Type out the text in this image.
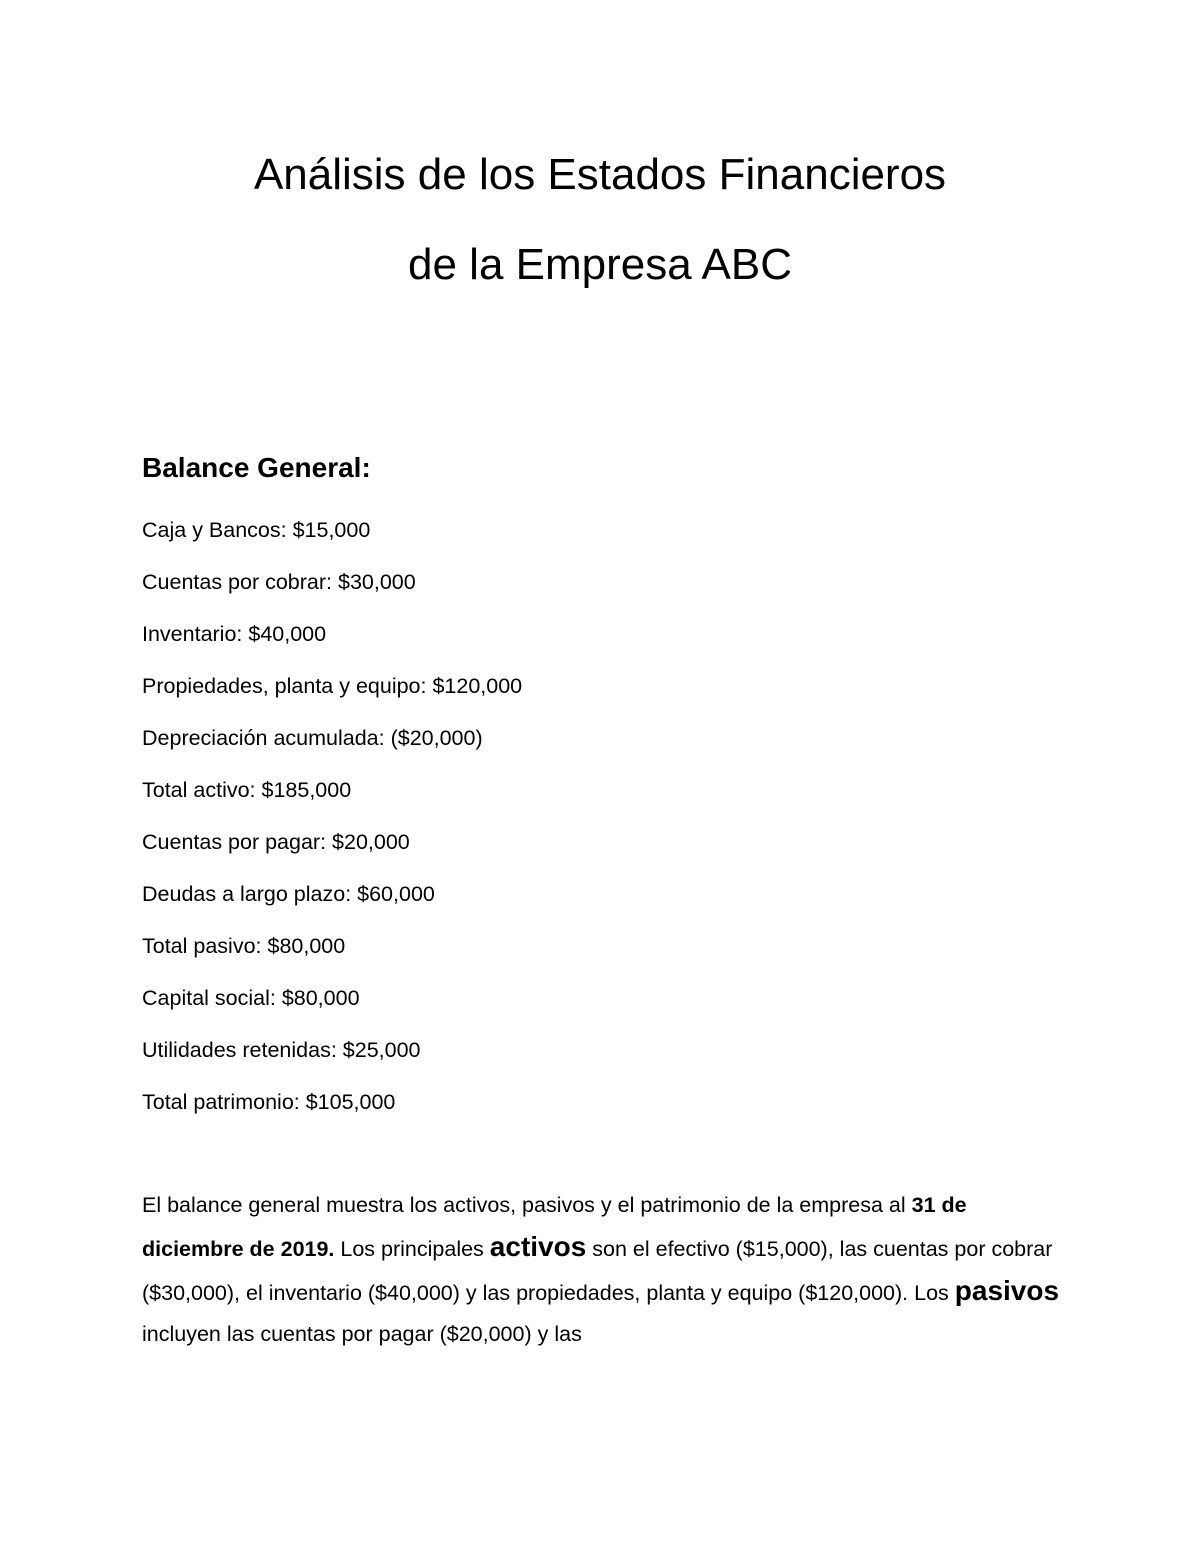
Análisis de los Estados Financieros
de la Empresa ABC
Balance General:
Caja y Bancos: $15,000
Cuentas por cobrar: $30,000
Inventario: $40,000
Propiedades, planta y equipo: $120,000
Depreciación acumulada: ($20,000)
Total activo: $185,000
Cuentas por pagar: $20,000
Deudas a largo plazo: $60,000
Total pasivo: $80,000
Capital social: $80,000
Utilidades retenidas: $25,000
Total patrimonio: $105,000

El balance general muestra los activos, pasivos y el patrimonio de la empresa al 31 de diciembre de 2019. Los principales activos son el efectivo ($15,000), las cuentas por cobrar ($30,000), el inventario ($40,000) y las propiedades, planta y equipo ($120,000). Los pasivos incluyen las cuentas por pagar ($20,000) y las
